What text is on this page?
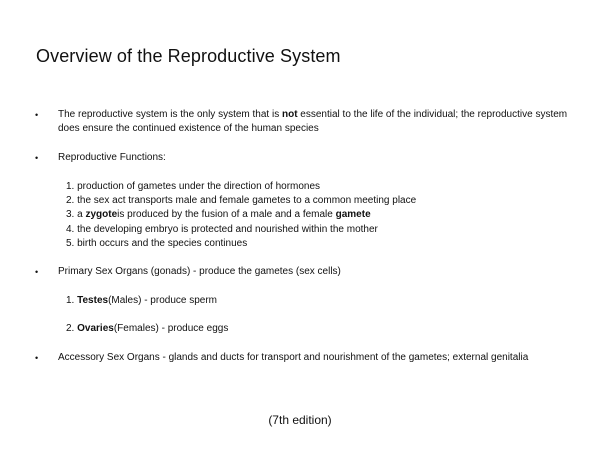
Overview of the Reproductive System
• The reproductive system is the only system that is not essential to the life of the individual; the reproductive system does ensure the continued existence of the human species
• Reproductive Functions:
1. production of gametes under the direction of hormones
2. the sex act transports male and female gametes to a common meeting place
3. a zygoteis produced by the fusion of a male and a female gamete
4. the developing embryo is protected and nourished within the mother
5. birth occurs and the species continues
• Primary Sex Organs (gonads) - produce the gametes (sex cells)
1. Testes(Males) - produce sperm
2. Ovaries(Females) - produce eggs
• Accessory Sex Organs - glands and ducts for transport and nourishment of the gametes; external genitalia
(7th edition)
